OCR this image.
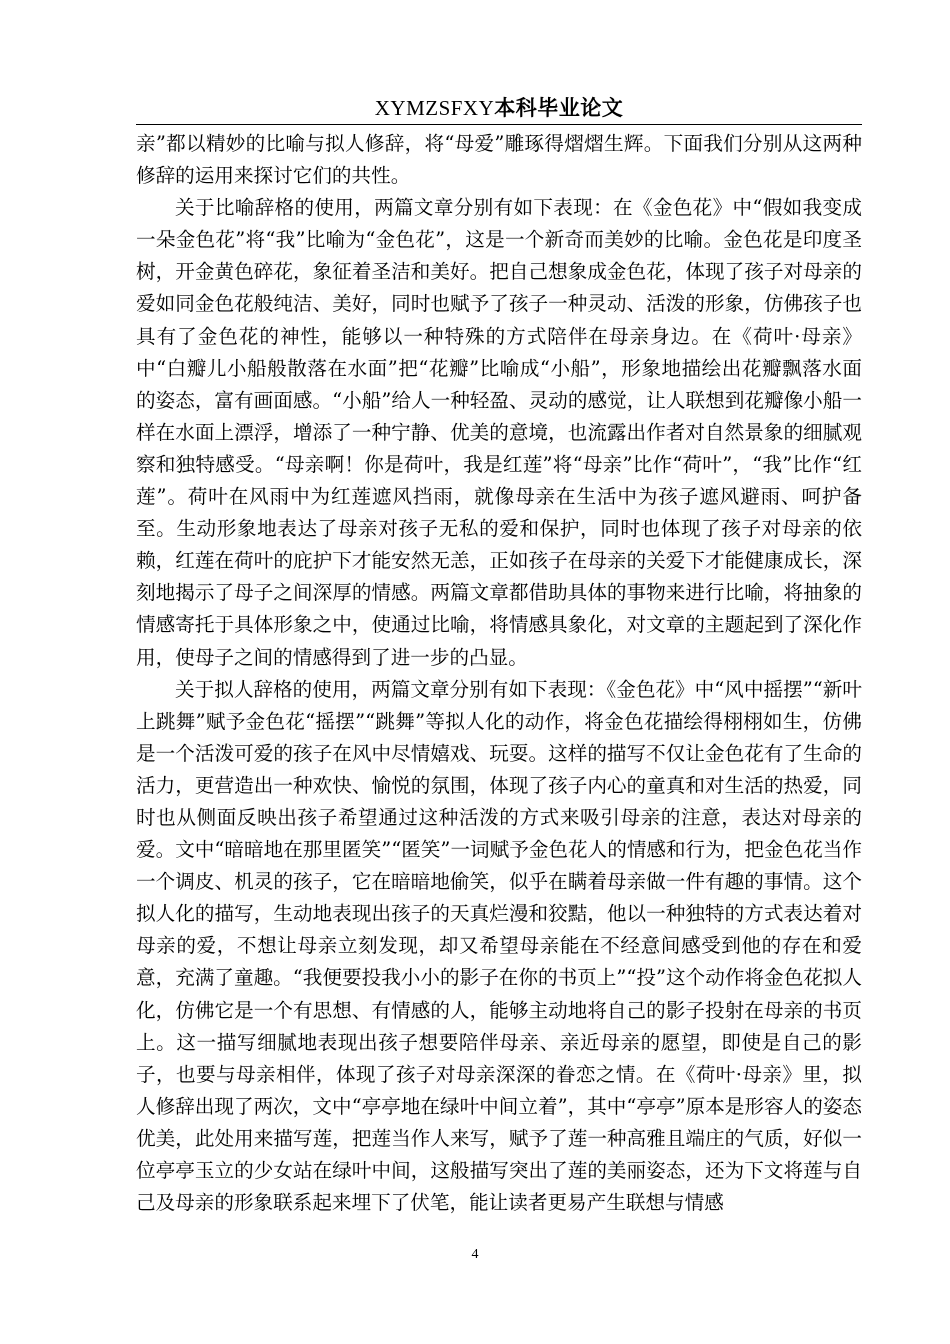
XYMZSFXY本科毕业论文

亲”都以精妙的比喻与拟人修辞，将“母爱”雕琢得熠熠生辉。下面我们分别从这两种修辞的运用来探讨它们的共性。

关于比喻辞格的使用，两篇文章分别有如下表现：在《金色花》中“假如我变成一朵金色花”将“我”比喻为“金色花”，这是一个新奇而美妙的比喻。金色花是印度圣树，开金黄色碎花，象征着圣洁和美好。把自己想象成金色花，体现了孩子对母亲的爱如同金色花般纯洁、美好，同时也赋予了孩子一种灵动、活泼的形象，仿佛孩子也具有了金色花的神性，能够以一种特殊的方式陪伴在母亲身边。在《荷叶·母亲》中“白瓣儿小船般散落在水面”把“花瓣”比喻成“小船”，形象地描绘出花瓣飘落水面的姿态，富有画面感。“小船”给人一种轻盈、灵动的感觉，让人联想到花瓣像小船一样在水面上漂浮，增添了一种宁静、优美的意境，也流露出作者对自然景象的细腻观察和独特感受。“母亲啊！你是荷叶，我是红莲”将“母亲”比作“荷叶”，“我”比作“红莲”。荷叶在风雨中为红莲遮风挡雨，就像母亲在生活中为孩子遮风避雨、呵护备至。生动形象地表达了母亲对孩子无私的爱和保护，同时也体现了孩子对母亲的依赖，红莲在荷叶的庇护下才能安然无恙，正如孩子在母亲的关爱下才能健康成长，深刻地揭示了母子之间深厚的情感。两篇文章都借助具体的事物来进行比喻，将抽象的情感寄托于具体形象之中，使通过比喻，将情感具象化，对文章的主题起到了深化作用，使母子之间的情感得到了进一步的凸显。

关于拟人辞格的使用，两篇文章分别有如下表现：《金色花》中“风中摇摆”“新叶上跳舞”赋予金色花“摇摆”“跳舞”等拟人化的动作，将金色花描绘得栩栩如生，仿佛是一个活泼可爱的孩子在风中尽情嬉戏、玩耍。这样的描写不仅让金色花有了生命的活力，更营造出一种欢快、愉悦的氛围，体现了孩子内心的童真和对生活的热爱，同时也从侧面反映出孩子希望通过这种活泼的方式来吸引母亲的注意，表达对母亲的爱。文中“暗暗地在那里匿笑”“匿笑”一词赋予金色花人的情感和行为，把金色花当作一个调皮、机灵的孩子，它在暗暗地偷笑，似乎在瞒着母亲做一件有趣的事情。这个拟人化的描写，生动地表现出孩子的天真烂漫和狡黠，他以一种独特的方式表达着对母亲的爱，不想让母亲立刻发现，却又希望母亲能在不经意间感受到他的存在和爱意，充满了童趣。“我便要投我小小的影子在你的书页上”“投”这个动作将金色花拟人化，仿佛它是一个有思想、有情感的人，能够主动地将自己的影子投射在母亲的书页上。这一描写细腻地表现出孩子想要陪伴母亲、亲近母亲的愿望，即使是自己的影子，也要与母亲相伴，体现了孩子对母亲深深的眷恋之情。在《荷叶·母亲》里，拟人修辞出现了两次，文中“亭亭地在绿叶中间立着”，其中“亭亭”原本是形容人的姿态优美，此处用来描写莲，把莲当作人来写，赋予了莲一种高雅且端庄的气质，好似一位亭亭玉立的少女站在绿叶中间，这般描写突出了莲的美丽姿态，还为下文将莲与自己及母亲的形象联系起来埋下了伏笔，能让读者更易产生联想与情感

4
